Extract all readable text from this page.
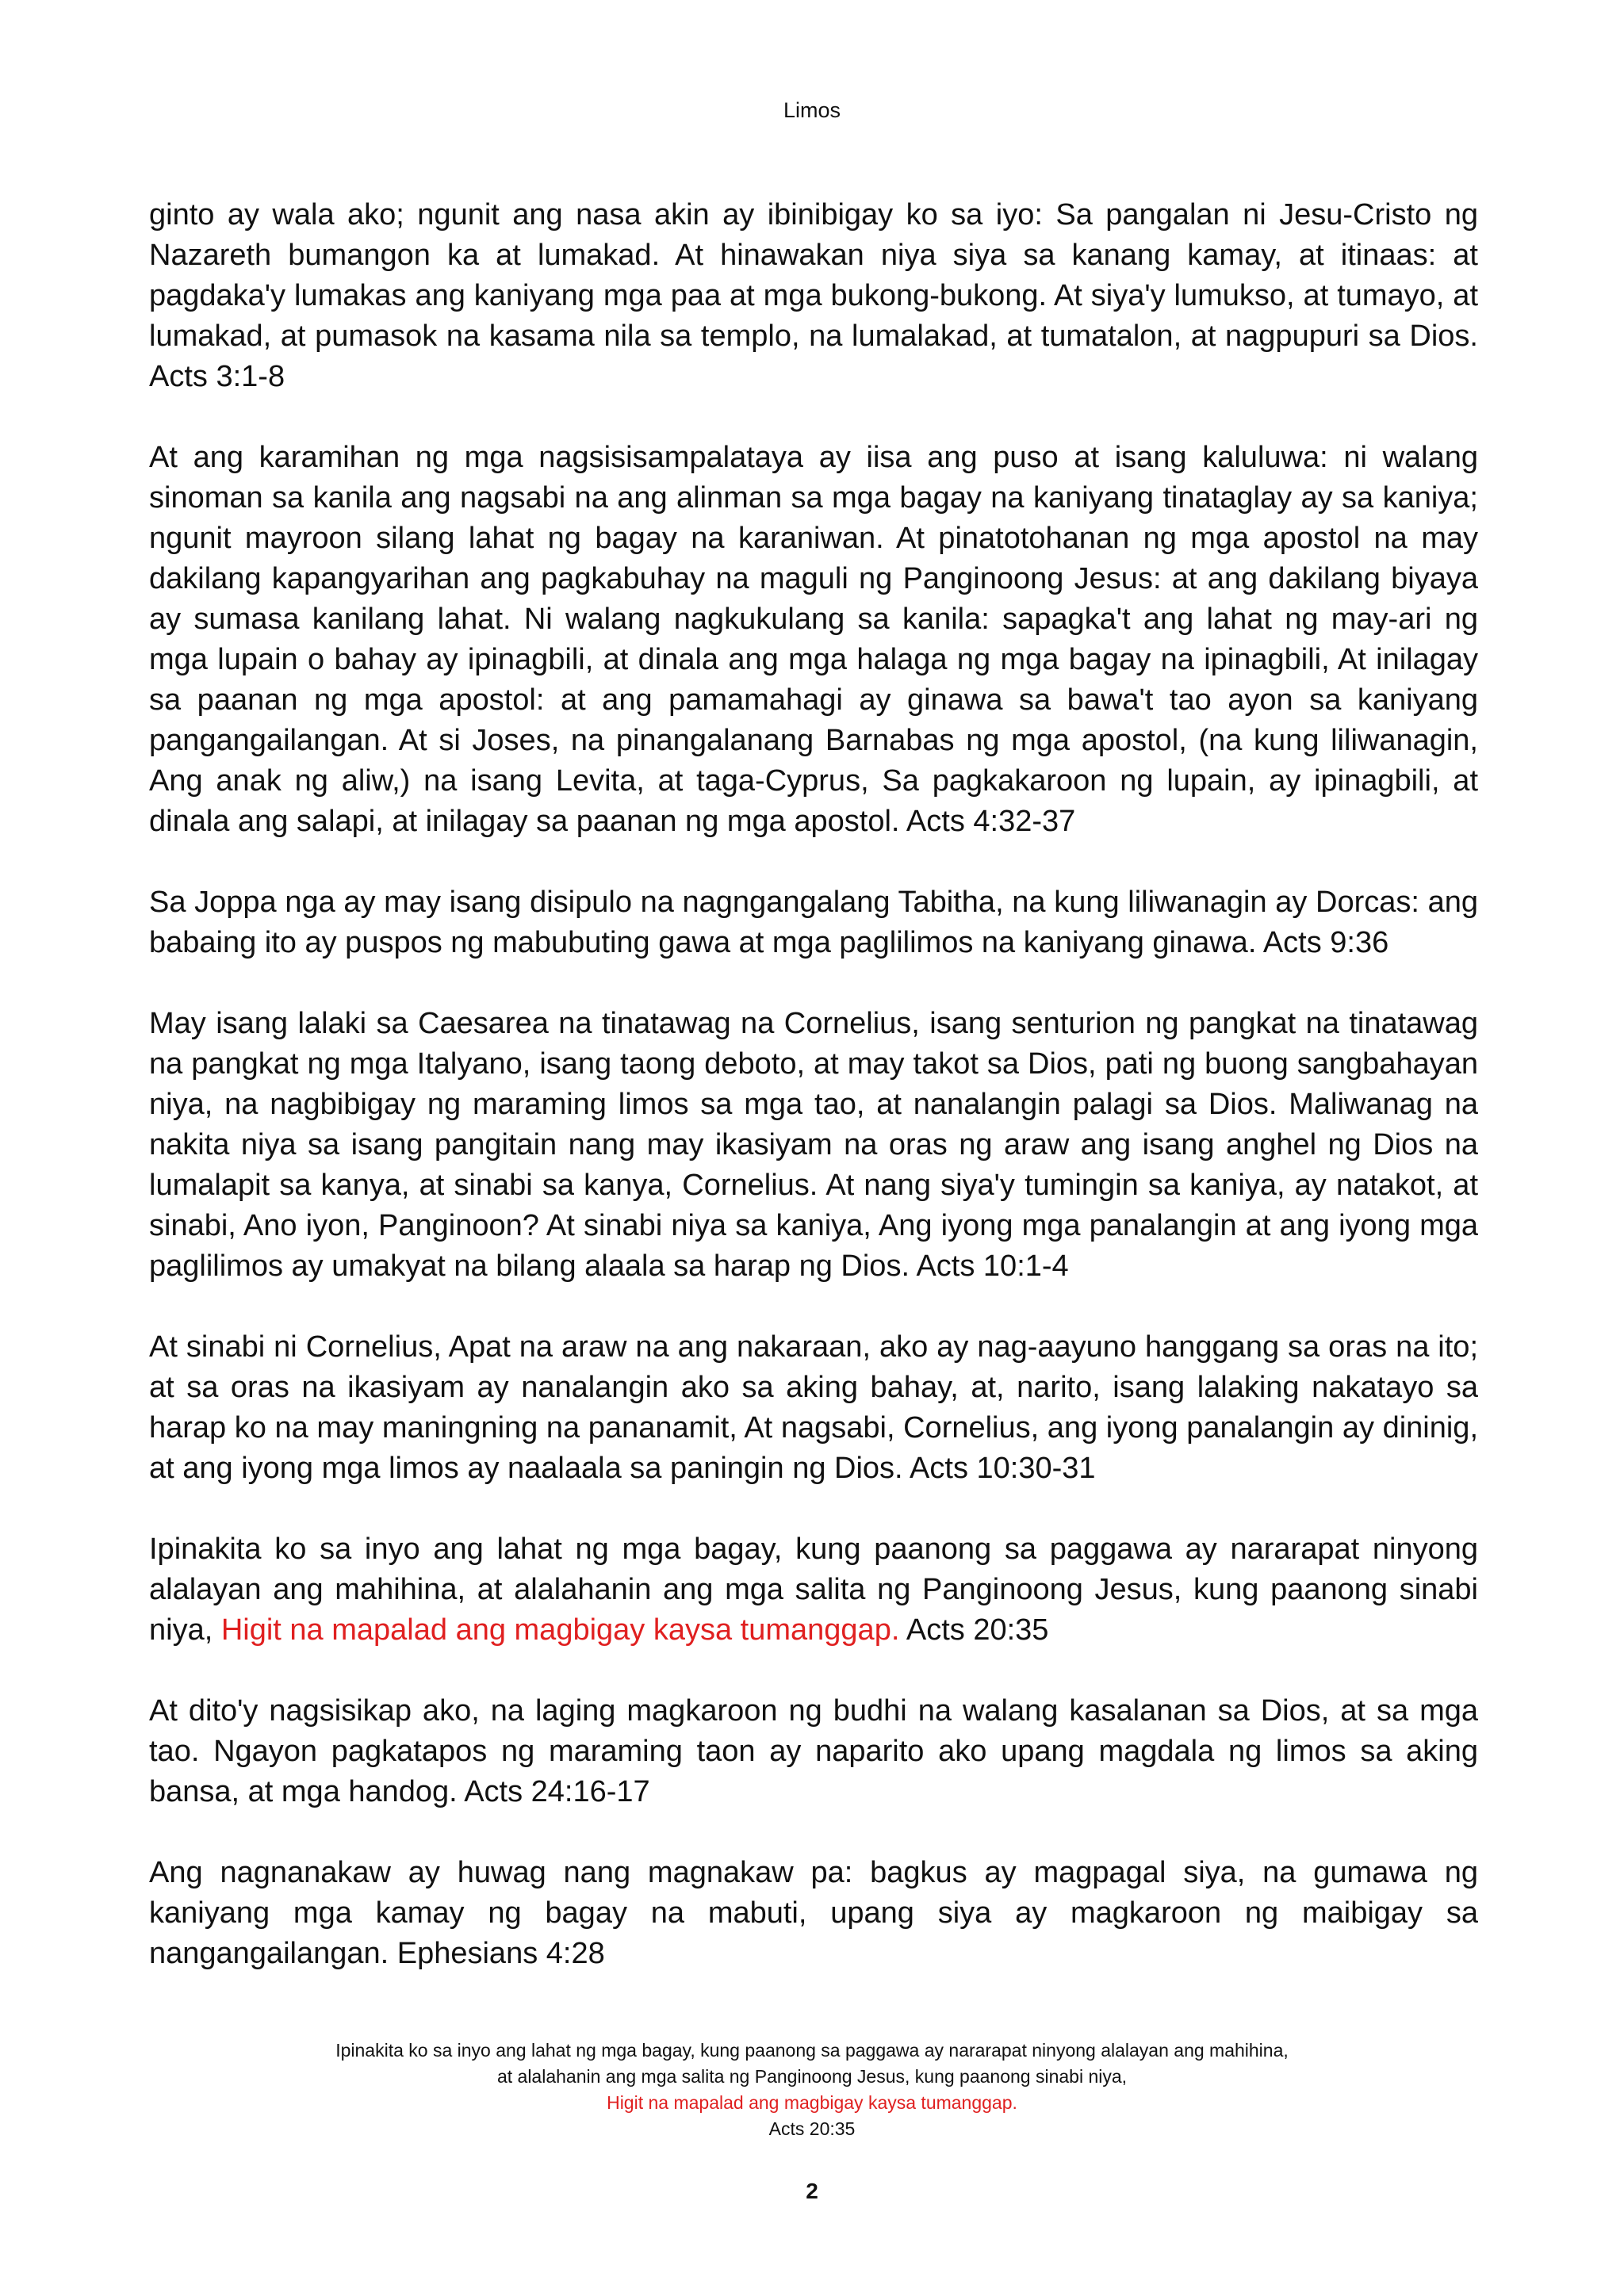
Limos

ginto ay wala ako; ngunit ang nasa akin ay ibinibigay ko sa iyo: Sa pangalan ni Jesu-Cristo ng Nazareth bumangon ka at lumakad. At hinawakan niya siya sa kanang kamay, at itinaas: at pagdaka'y lumakas ang kaniyang mga paa at mga bukong-bukong. At siya'y lumukso, at tumayo, at lumakad, at pumasok na kasama nila sa templo, na lumalakad, at tumatalon, at nagpupuri sa Dios. Acts 3:1-8

At ang karamihan ng mga nagsisisampalataya ay iisa ang puso at isang kaluluwa: ni walang sinoman sa kanila ang nagsabi na ang alinman sa mga bagay na kaniyang tinataglay ay sa kaniya; ngunit mayroon silang lahat ng bagay na karaniwan. At pinatotohanan ng mga apostol na may dakilang kapangyarihan ang pagkabuhay na maguli ng Panginoong Jesus: at ang dakilang biyaya ay sumasa kanilang lahat. Ni walang nagkukulang sa kanila: sapagka't ang lahat ng may-ari ng mga lupain o bahay ay ipinagbili, at dinala ang mga halaga ng mga bagay na ipinagbili, At inilagay sa paanan ng mga apostol: at ang pamamahagi ay ginawa sa bawa't tao ayon sa kaniyang pangangailangan. At si Joses, na pinangalanang Barnabas ng mga apostol, (na kung liliwanagin, Ang anak ng aliw,) na isang Levita, at taga-Cyprus, Sa pagkakaroon ng lupain, ay ipinagbili, at dinala ang salapi, at inilagay sa paanan ng mga apostol. Acts 4:32-37

Sa Joppa nga ay may isang disipulo na nagngangalang Tabitha, na kung liliwanagin ay Dorcas: ang babaing ito ay puspos ng mabubuting gawa at mga paglilimos na kaniyang ginawa. Acts 9:36

May isang lalaki sa Caesarea na tinatawag na Cornelius, isang senturion ng pangkat na tinatawag na pangkat ng mga Italyano, isang taong deboto, at may takot sa Dios, pati ng buong sangbahayan niya, na nagbibigay ng maraming limos sa mga tao, at nanalangin palagi sa Dios. Maliwanag na nakita niya sa isang pangitain nang may ikasiyam na oras ng araw ang isang anghel ng Dios na lumalapit sa kanya, at sinabi sa kanya, Cornelius. At nang siya'y tumingin sa kaniya, ay natakot, at sinabi, Ano iyon, Panginoon? At sinabi niya sa kaniya, Ang iyong mga panalangin at ang iyong mga paglilimos ay umakyat na bilang alaala sa harap ng Dios. Acts 10:1-4

At sinabi ni Cornelius, Apat na araw na ang nakaraan, ako ay nag-aayuno hanggang sa oras na ito; at sa oras na ikasiyam ay nanalangin ako sa aking bahay, at, narito, isang lalaking nakatayo sa harap ko na may maningning na pananamit, At nagsabi, Cornelius, ang iyong panalangin ay dininig, at ang iyong mga limos ay naalaala sa paningin ng Dios. Acts 10:30-31

Ipinakita ko sa inyo ang lahat ng mga bagay, kung paanong sa paggawa ay nararapat ninyong alalayan ang mahihina, at alalahanin ang mga salita ng Panginoong Jesus, kung paanong sinabi niya, Higit na mapalad ang magbigay kaysa tumanggap. Acts 20:35

At dito'y nagsisikap ako, na laging magkaroon ng budhi na walang kasalanan sa Dios, at sa mga tao. Ngayon pagkatapos ng maraming taon ay naparito ako upang magdala ng limos sa aking bansa, at mga handog. Acts 24:16-17

Ang nagnanakaw ay huwag nang magnakaw pa: bagkus ay magpagal siya, na gumawa ng kaniyang mga kamay ng bagay na mabuti, upang siya ay magkaroon ng maibigay sa nangangailangan. Ephesians 4:28

Ipinakita ko sa inyo ang lahat ng mga bagay, kung paanong sa paggawa ay nararapat ninyong alalayan ang mahihina,
at alalahanin ang mga salita ng Panginoong Jesus, kung paanong sinabi niya,
Higit na mapalad ang magbigay kaysa tumanggap.
Acts 20:35
2
